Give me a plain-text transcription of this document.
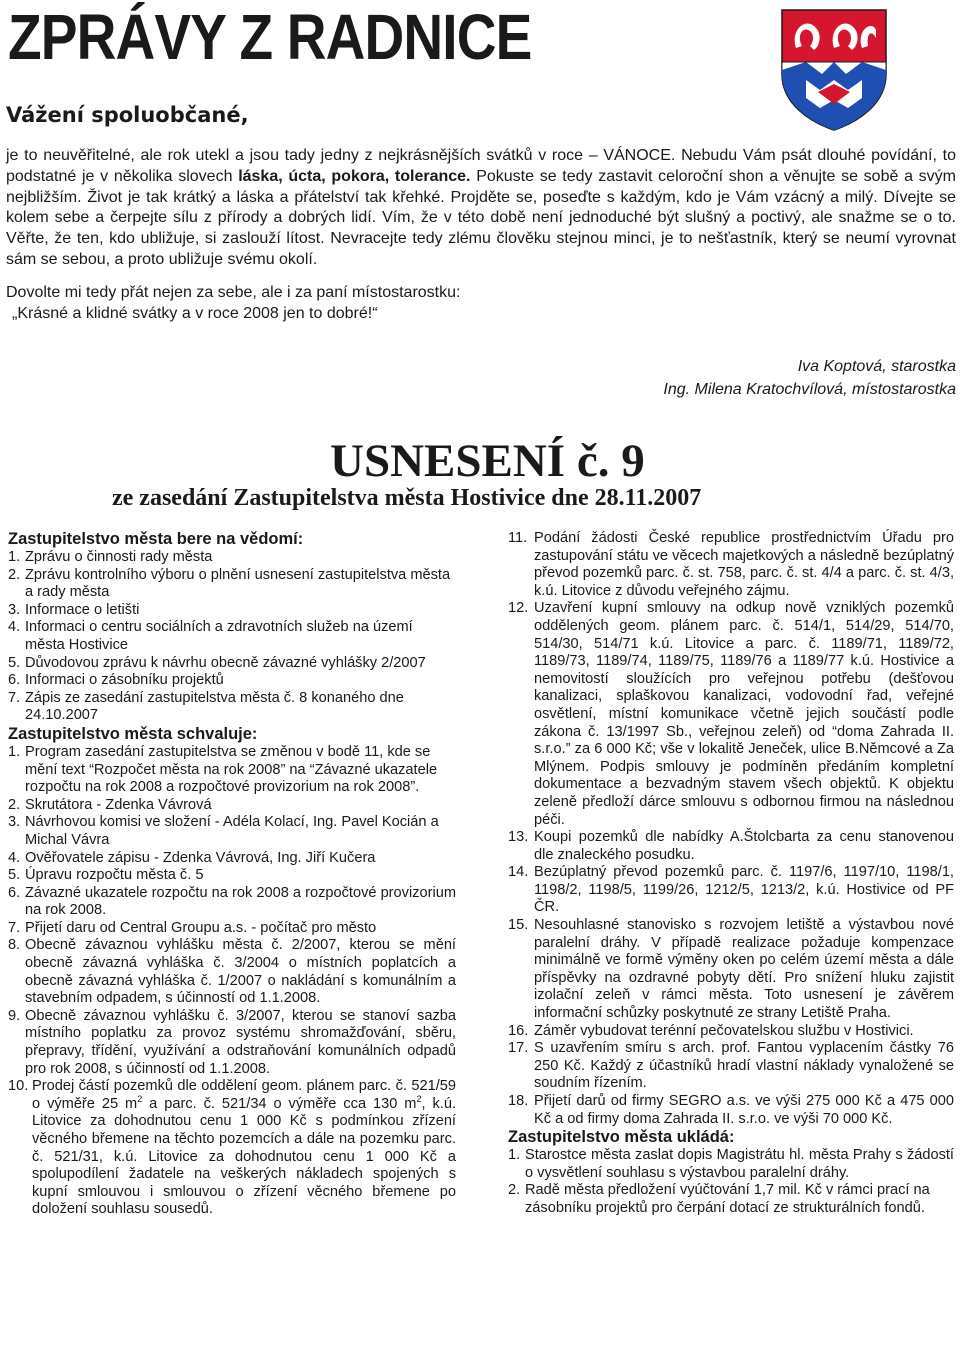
ZPRÁVY Z RADNICE
Vážení spoluobčané,

je to neuvěřitelné, ale rok utekl a jsou tady jedny z nejkrásnějších svátků v roce – VÁNOCE. Nebudu Vám psát dlouhé povídání, to podstatné je v několika slovech láska, úcta, pokora, tolerance. Pokuste se tedy zastavit celoroční shon a věnujte se sobě a svým nejbližším. Život je tak krátký a láska a přátelství tak křehké. Projděte se, poseďte s každým, kdo je Vám vzácný a milý. Dívejte se kolem sebe a čerpejte sílu z přírody a dobrých lidí. Vím, že v této době není jednoduché být slušný a poctivý, ale snažme se o to. Věřte, že ten, kdo ubližuje, si zaslouží lítost. Nevracejte tedy zlému člověku stejnou minci, je to nešťastník, který se neumí vyrovnat sám se sebou, a proto ubližuje svému okolí.

Dovolte mi tedy přát nejen za sebe, ale i za paní místostarostku:

„Krásné a klidné svátky a v roce 2008 jen to dobré!“

Iva Koptová, starostka
Ing. Milena Kratochvílová, místostarostka
USNESENÍ č. 9
ze zasedání Zastupitelstva města Hostivice dne 28.11.2007
Zastupitelstvo města bere na vědomí:
1. Zprávu o činnosti rady města
2. Zprávu kontrolního výboru o plnění usnesení zastupitelstva města a rady města
3. Informace o letišti
4. Informaci o centru sociálních a zdravotních služeb na území města Hostivice
5. Důvodovou zprávu k návrhu obecně závazné vyhlášky 2/2007
6. Informaci o zásobníku projektů
7. Zápis ze zasedání zastupitelstva města č. 8 konaného dne 24.10.2007
Zastupitelstvo města schvaluje:
1. Program zasedání zastupitelstva se změnou v bodě 11, kde se mění text “Rozpočet města na rok 2008” na “Závazné ukazatele rozpočtu na rok 2008 a rozpočtové provizorium na rok 2008”.
2. Skrutátora - Zdenka Vávrová
3. Návrhovou komisi ve složení - Adéla Kolací, Ing. Pavel Kocián a Michal Vávra
4. Ověřovatele zápisu - Zdenka Vávrová, Ing. Jiří Kučera
5. Úpravu rozpočtu města č. 5
6. Závazné ukazatele rozpočtu na rok 2008 a rozpočtové provizorium na rok 2008.
7. Přijetí daru od Central Groupu a.s. - počítač pro město
8. Obecně závaznou vyhlášku města č. 2/2007, kterou se mění obecně závazná vyhláška č. 3/2004 o místních poplatcích a obecně závazná vyhláška č. 1/2007 o nakládání s komunálním a stavebním odpadem, s účinností od 1.1.2008.
9. Obecně závaznou vyhlášku č. 3/2007, kterou se stanoví sazba místního poplatku za provoz systému shromažďování, sběru, přepravy, třídění, využívání a odstraňování komunálních odpadů pro rok 2008, s účinností od 1.1.2008.
10. Prodej částí pozemků dle oddělení geom. plánem parc. č. 521/59 o výměře 25 $m^2$ a parc. č. 521/34 o výměře cca 130 $m^2$, k.ú. Litovice za dohodnutou cenu 1 000 Kč s podmínkou zřízení věcného břemene na těchto pozemcích a dále na pozemku parc. č. 521/31, k.ú. Litovice za dohodnutou cenu 1 000 Kč a spolupodílení žadatele na veškerých nákladech spojených s kupní smlouvou i smlouvou o zřízení věcného břemene po doložení souhlasu sousedů.
11. Podání žádosti České republice prostřednictvím Úřadu pro zastupování státu ve věcech majetkových a následně bezúplatný převod pozemků parc. č. st. 758, parc. č. st. 4/4 a parc. č. st. 4/3, k.ú. Litovice z důvodu veřejného zájmu.
12. Uzavření kupní smlouvy na odkup nově vzniklých pozemků oddělených geom. plánem parc. č. 514/1, 514/29, 514/70, 514/30, 514/71 k.ú. Litovice a parc. č. 1189/71, 1189/72, 1189/73, 1189/74, 1189/75, 1189/76 a 1189/77 k.ú. Hostivice a nemovitostí sloužících pro veřejnou potřebu (dešťovou kanalizaci, splaškovou kanalizaci, vodovodní řad, veřejné osvětlení, místní komunikace včetně jejich součástí podle zákona č. 13/1997 Sb., veřejnou zeleň) od “doma Zahrada II. s.r.o.” za 6 000 Kč; vše v lokalitě Jeneček, ulice B.Němcové a Za Mlýnem. Podpis smlouvy je podmíněn předáním kompletní dokumentace a bezvadným stavem všech objektů. K objektu zeleně předloží dárce smlouvu s odbornou firmou na následnou péči.
13. Koupi pozemků dle nabídky A.Štolcbarta za cenu stanovenou dle znaleckého posudku.
14. Bezúplatný převod pozemků parc. č. 1197/6, 1197/10, 1198/1, 1198/2, 1198/5, 1199/26, 1212/5, 1213/2, k.ú. Hostivice od PF ČR.
15. Nesouhlasné stanovisko s rozvojem letiště a výstavbou nové paralelní dráhy. V případě realizace požaduje kompenzace minimálně ve formě výměny oken po celém území města a dále příspěvky na ozdravné pobyty dětí. Pro snížení hluku zajistit izolační zeleň v rámci města. Toto usnesení je závěrem informační schůzky poskytnuté ze strany Letiště Praha.
16. Záměr vybudovat terénní pečovatelskou službu v Hostivici.
17. S uzavřením smíru s arch. prof. Fantou vyplacením částky 76 250 Kč. Každý z účastníků hradí vlastní náklady vynaložené se soudním řízením.
18. Přijetí darů od firmy SEGRO a.s. ve výši 275 000 Kč a 475 000 Kč a od firmy doma Zahrada II. s.r.o. ve výši 70 000 Kč.
Zastupitelstvo města ukládá:
1. Starostce města zaslat dopis Magistrátu hl. města Prahy s žádostí o vysvětlení souhlasu s výstavbou paralelní dráhy.
2. Radě města předložení vyúčtování 1,7 mil. Kč v rámci prací na zásobníku projektů pro čerpání dotací ze strukturálních fondů.
